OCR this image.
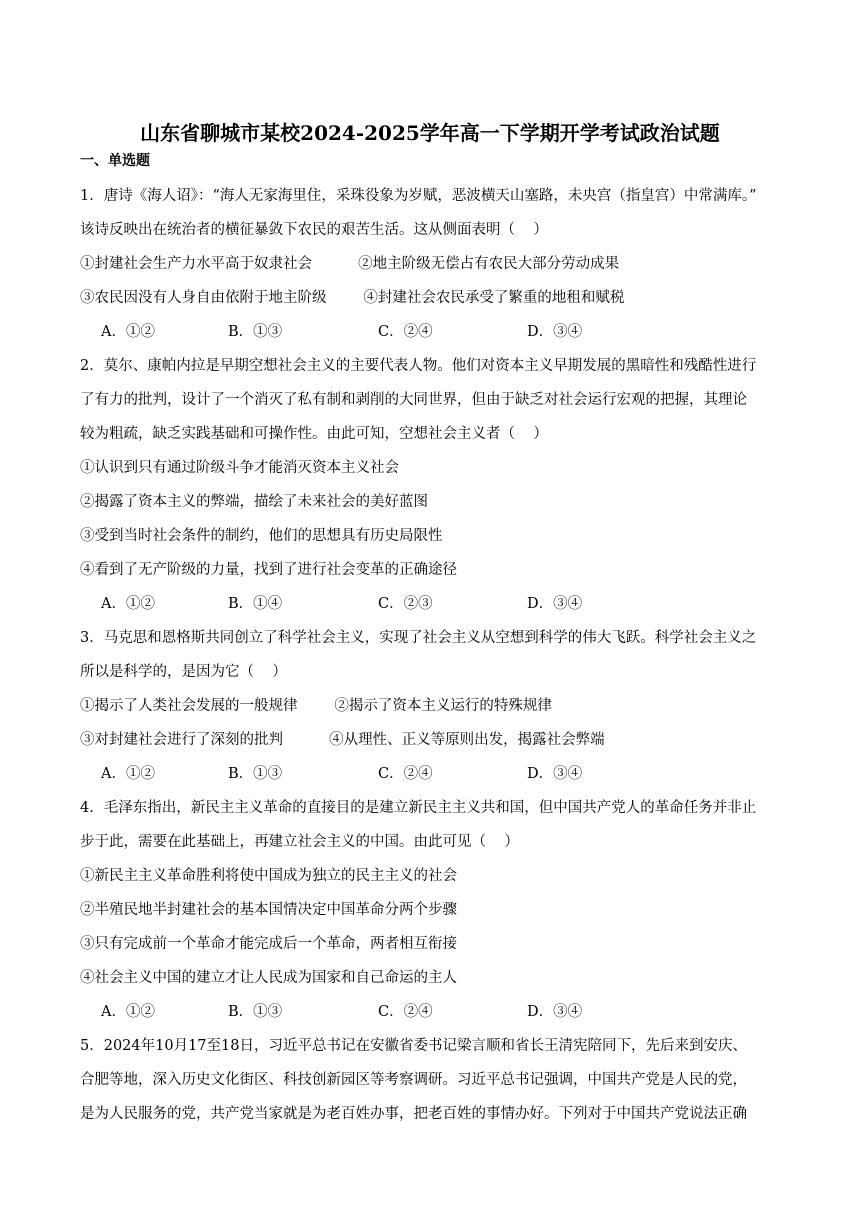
山东省聊城市某校2024-2025学年高一下学期开学考试政治试题
一、单选题
1．唐诗《海人诏》：“海人无家海里住，采珠役象为岁赋，恶波横天山塞路，未央宫（指皇宫）中常满库。”
该诗反映出在统治者的横征暴敛下农民的艰苦生活。这从侧面表明（    ）
①封建社会生产力水平高于奴隶社会          ②地主阶级无偿占有农民大部分劳动成果
③农民因没有人身自由依附于地主阶级        ④封建社会农民承受了繁重的地租和赋税
A．①②	B．①③	C．②④	D．③④
2．莫尔、康帕内拉是早期空想社会主义的主要代表人物。他们对资本主义早期发展的黑暗性和残酷性进行
了有力的批判，设计了一个消灭了私有制和剥削的大同世界，但由于缺乏对社会运行宏观的把握，其理论
较为粗疏，缺乏实践基础和可操作性。由此可知，空想社会主义者（    ）
①认识到只有通过阶级斗争才能消灭资本主义社会
②揭露了资本主义的弊端，描绘了未来社会的美好蓝图
③受到当时社会条件的制约，他们的思想具有历史局限性
④看到了无产阶级的力量，找到了进行社会变革的正确途径
A．①②	B．①④	C．②③	D．③④
3．马克思和恩格斯共同创立了科学社会主义，实现了社会主义从空想到科学的伟大飞跃。科学社会主义之
所以是科学的，是因为它（    ）
①揭示了人类社会发展的一般规律        ②揭示了资本主义运行的特殊规律
③对封建社会进行了深刻的批判          ④从理性、正义等原则出发，揭露社会弊端
A．①②	B．①③	C．②④	D．③④
4．毛泽东指出，新民主主义革命的直接目的是建立新民主主义共和国，但中国共产党人的革命任务并非止
步于此，需要在此基础上，再建立社会主义的中国。由此可见（    ）
①新民主主义革命胜利将使中国成为独立的民主主义的社会
②半殖民地半封建社会的基本国情决定中国革命分两个步骤
③只有完成前一个革命才能完成后一个革命，两者相互衔接
④社会主义中国的建立才让人民成为国家和自己命运的主人
A．①②	B．①③	C．②④	D．③④
5．2024年10月17至18日，习近平总书记在安徽省委书记梁言顺和省长王清宪陪同下，先后来到安庆、
合肥等地，深入历史文化街区、科技创新园区等考察调研。习近平总书记强调，中国共产党是人民的党，
是为人民服务的党，共产党当家就是为老百姓办事，把老百姓的事情办好。下列对于中国共产党说法正确
